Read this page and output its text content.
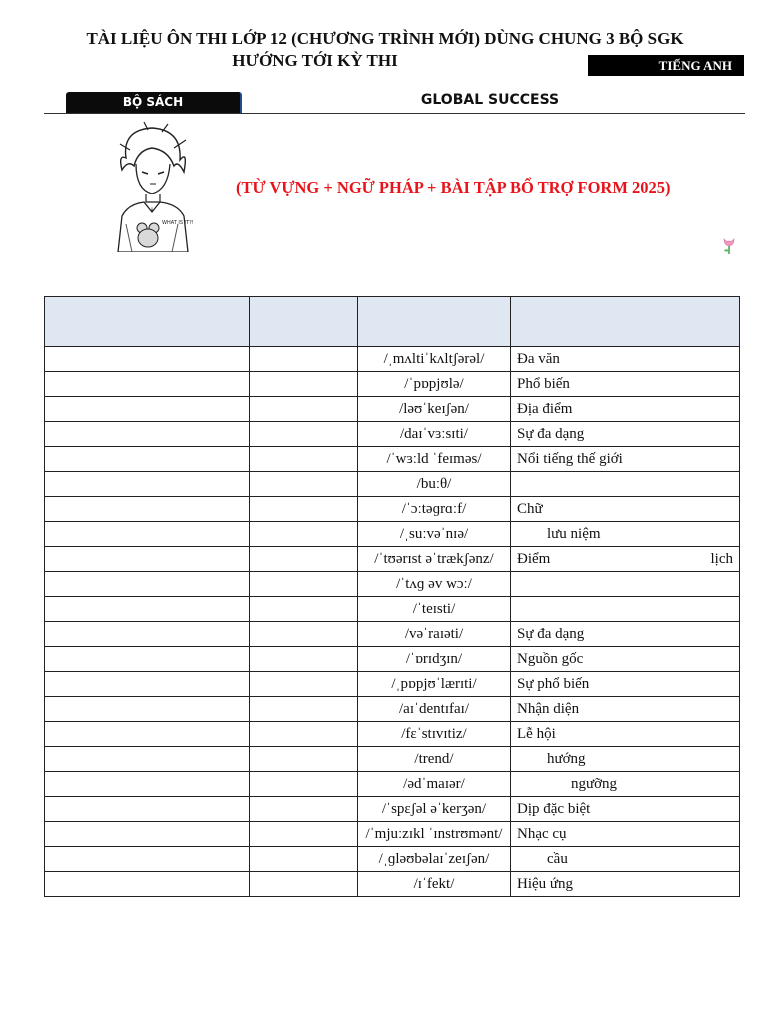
TÀI LIỆU ÔN THI LỚP 12 (CHƯƠNG TRÌNH MỚI) DÙNG CHUNG 3 BỘ SGK
HƯỚNG TỚI KỲ THI	TIẾNG ANH
BỘ SÁCH	GLOBAL SUCCESS
WHAT IS IT?!
(TỪ VỰNG + NGỮ PHÁP + BÀI TẬP BỔ TRỢ FORM 2025)

		/ˌmʌltiˈkʌltʃərəl/	Đa văn
		/ˈpɒpjʊlə/	Phổ biến
		/ləʊˈkeɪʃən/	Địa điểm
		/daɪˈvɜːsɪti/	Sự đa dạng
		/ˈwɜːld ˈfeɪməs/	Nổi tiếng thế giới
		/buːθ/	
		/ˈɔːtəɡrɑːf/	Chữ
		/ˌsuːvəˈnɪə/	lưu niệm
		/ˈtʊərɪst əˈtrækʃənz/	Điểm lịch
		/ˈtʌɡ əv wɔː/	
		/ˈteɪsti/	
		/vəˈraɪəti/	Sự đa dạng
		/ˈɒrɪdʒɪn/	Nguồn gốc
		/ˌpɒpjʊˈlærɪti/	Sự phổ biến
		/aɪˈdentɪfaɪ/	Nhận diện
		/fɛˈstɪvɪtiz/	Lễ hội
		/trend/	hướng
		/ədˈmaɪər/	ngưỡng
		/ˈspɛʃəl əˈkerʒən/	Dịp đặc biệt
		/ˈmjuːzɪkl ˈɪnstrʊmənt/	Nhạc cụ
		/ˌɡləʊbəlaɪˈzeɪʃən/	cầu
		/ɪˈfekt/	Hiệu ứng
